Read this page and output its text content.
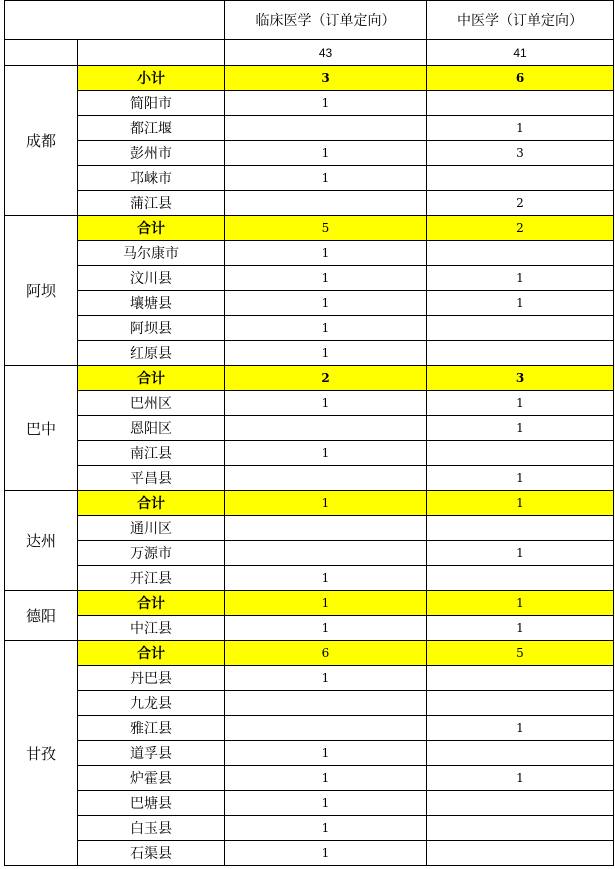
		临床医学（订单定向）	中医学（订单定向）
		43	41
成都	小计	3	6
	简阳市	1	
	都江堰		1
	彭州市	1	3
	邛崃市	1	
	蒲江县		2
阿坝	合计	5	2
	马尔康市	1	
	汶川县	1	1
	壤塘县	1	1
	阿坝县	1	
	红原县	1	
巴中	合计	2	3
	巴州区	1	1
	恩阳区		1
	南江县	1	
	平昌县		1
达州	合计	1	1
	通川区		
	万源市		1
	开江县	1	
德阳	合计	1	1
	中江县	1	1
甘孜	合计	6	5
	丹巴县	1	
	九龙县		
	雅江县		1
	道孚县	1	
	炉霍县	1	1
	巴塘县	1	
	白玉县	1	
	石渠县	1	
